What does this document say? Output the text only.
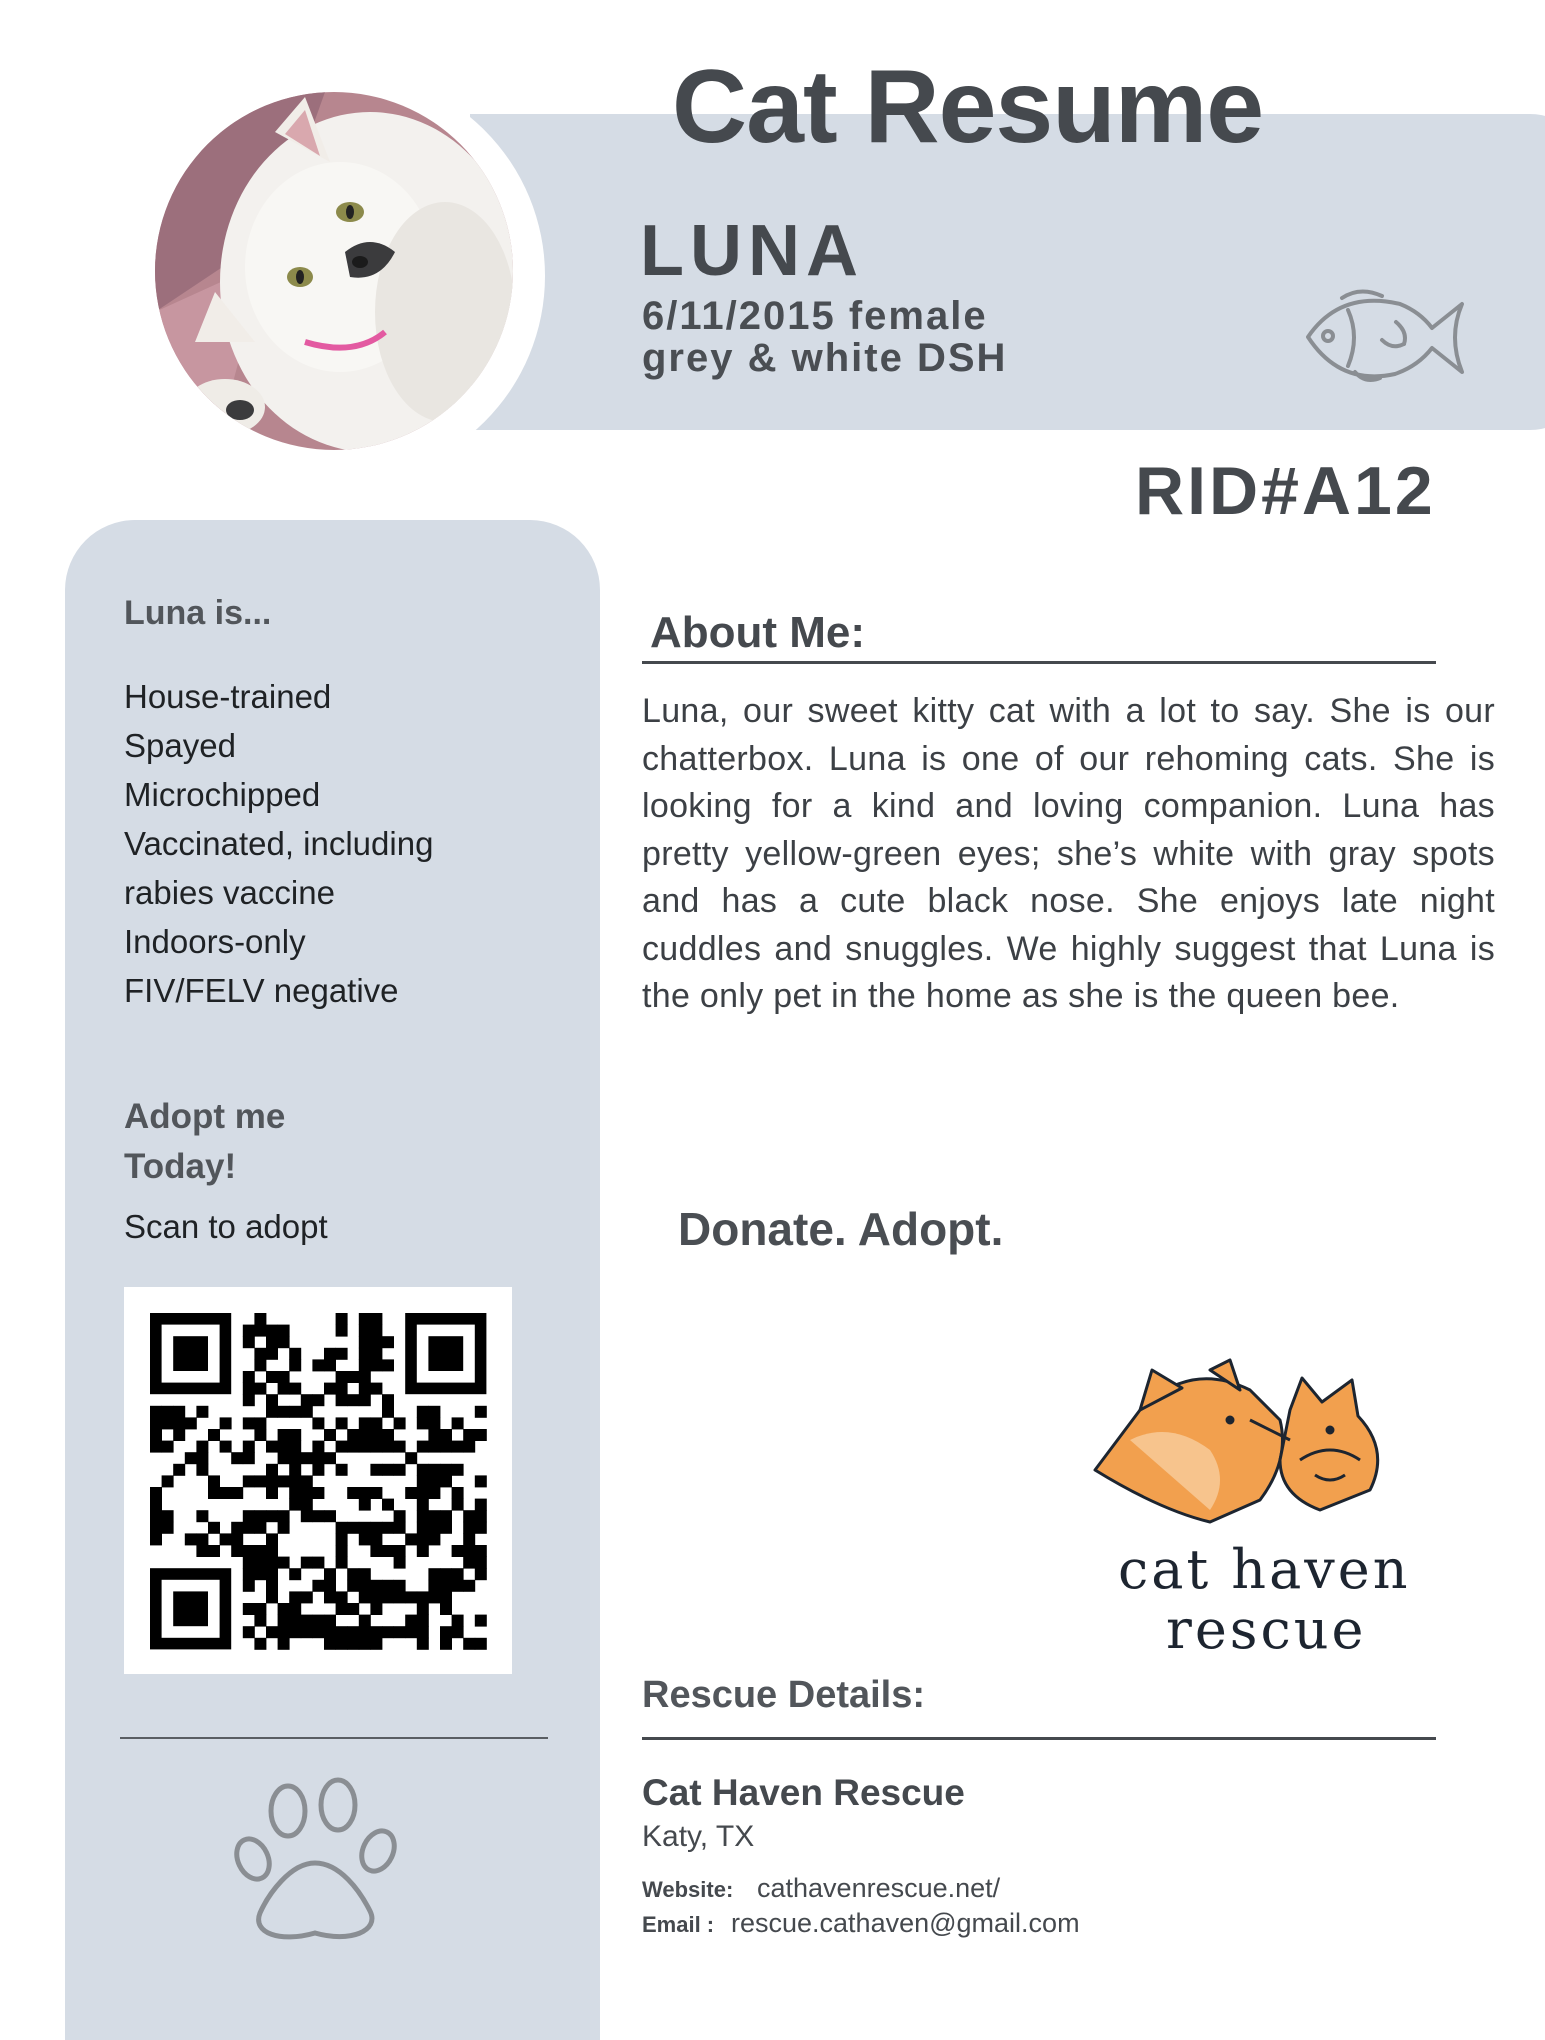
Cat Resume
LUNA
6/11/2015 female
grey & white DSH
RID#A12
Luna is...
House-trained
Spayed
Microchipped
Vaccinated, including
rabies vaccine
Indoors-only
FIV/FELV negative
Adopt me
Today!
Scan to adopt
About Me:
Luna, our sweet kitty cat with a lot to say. She is our chatterbox. Luna is one of our rehoming cats. She is looking for a kind and loving companion. Luna has pretty yellow-green eyes; she’s white with gray spots and has a cute black nose. She enjoys late night cuddles and snuggles. We highly suggest that Luna is the only pet in the home as she is the queen bee.
Donate. Adopt.
cat haven
rescue
Rescue Details:
Cat Haven Rescue
Katy, TX
Website: cathavenrescue.net/
Email : rescue.cathaven@gmail.com
